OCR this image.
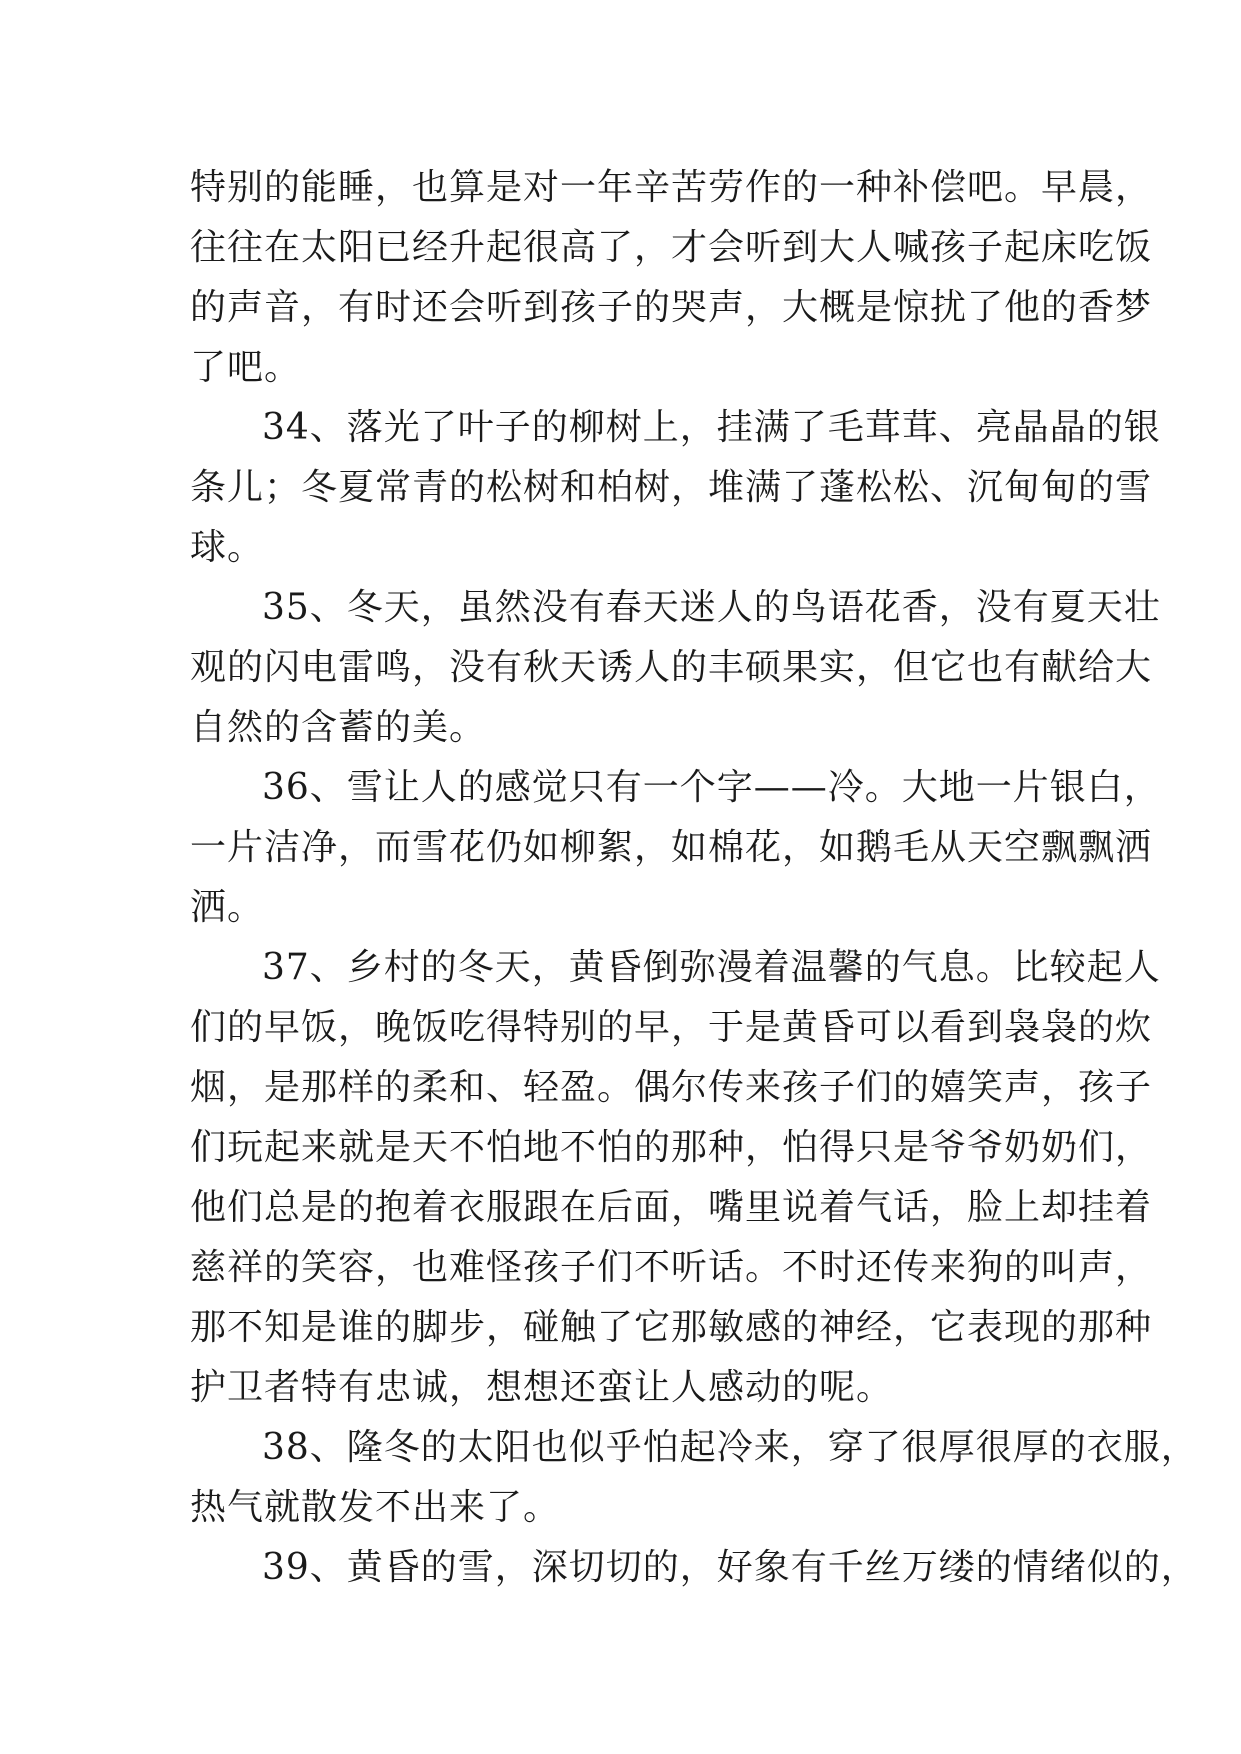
特别的能睡，也算是对一年辛苦劳作的一种补偿吧。早晨，
往往在太阳已经升起很高了，才会听到大人喊孩子起床吃饭
的声音，有时还会听到孩子的哭声，大概是惊扰了他的香梦
了吧。
34、落光了叶子的柳树上，挂满了毛茸茸、亮晶晶的银
条儿；冬夏常青的松树和柏树，堆满了蓬松松、沉甸甸的雪
球。
35、冬天，虽然没有春天迷人的鸟语花香，没有夏天壮
观的闪电雷鸣，没有秋天诱人的丰硕果实，但它也有献给大
自然的含蓄的美。
36、雪让人的感觉只有一个字——冷。大地一片银白，
一片洁净，而雪花仍如柳絮，如棉花，如鹅毛从天空飘飘洒
洒。
37、乡村的冬天，黄昏倒弥漫着温馨的气息。比较起人
们的早饭，晚饭吃得特别的早，于是黄昏可以看到袅袅的炊
烟，是那样的柔和、轻盈。偶尔传来孩子们的嬉笑声，孩子
们玩起来就是天不怕地不怕的那种，怕得只是爷爷奶奶们，
他们总是的抱着衣服跟在后面，嘴里说着气话，脸上却挂着
慈祥的笑容，也难怪孩子们不听话。不时还传来狗的叫声，
那不知是谁的脚步，碰触了它那敏感的神经，它表现的那种
护卫者特有忠诚，想想还蛮让人感动的呢。
38、隆冬的太阳也似乎怕起冷来，穿了很厚很厚的衣服，
热气就散发不出来了。
39、黄昏的雪，深切切的，好象有千丝万缕的情绪似的，
